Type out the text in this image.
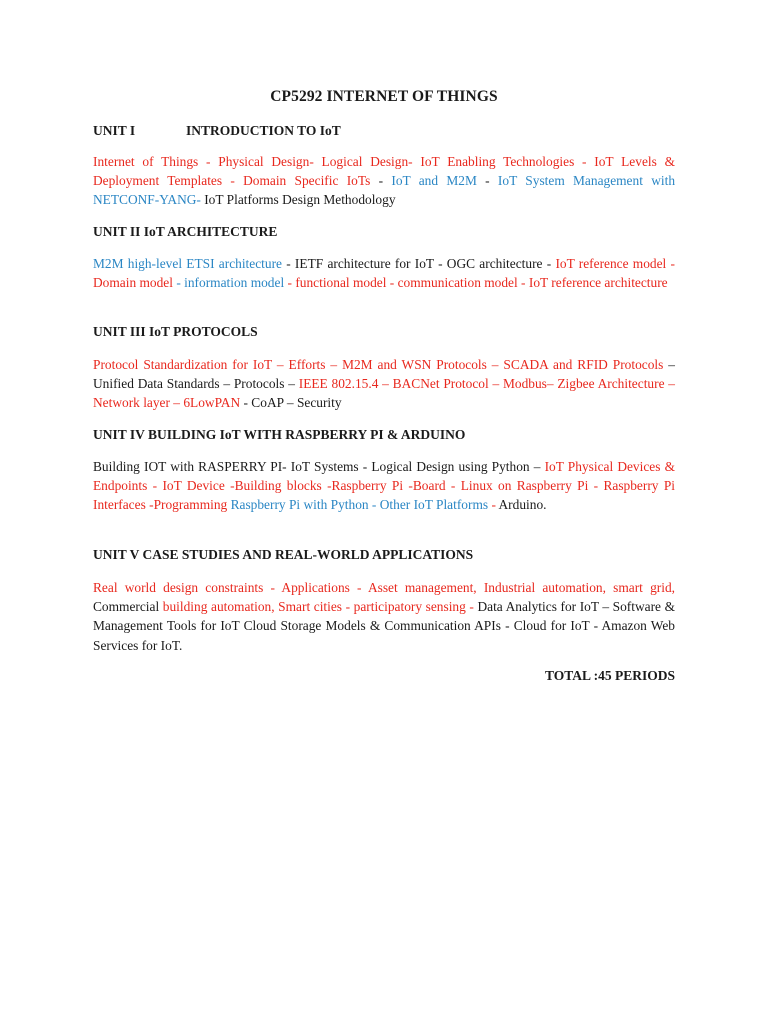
CP5292 INTERNET OF THINGS
UNIT I	INTRODUCTION TO IoT

Internet of Things - Physical Design- Logical Design- IoT Enabling Technologies - IoT Levels & Deployment Templates - Domain Specific IoTs - IoT and M2M - IoT System Management with NETCONF-YANG- IoT Platforms Design Methodology

UNIT II IoT ARCHITECTURE

M2M high-level ETSI architecture - IETF architecture for IoT - OGC architecture - IoT reference model - Domain model - information model - functional model - communication model - IoT reference architecture

UNIT III IoT PROTOCOLS

Protocol Standardization for IoT – Efforts – M2M and WSN Protocols – SCADA and RFID Protocols – Unified Data Standards – Protocols – IEEE 802.15.4 – BACNet Protocol – Modbus– Zigbee Architecture – Network layer – 6LowPAN - CoAP – Security

UNIT IV BUILDING IoT WITH RASPBERRY PI & ARDUINO

Building IOT with RASPERRY PI- IoT Systems - Logical Design using Python – IoT Physical Devices & Endpoints - IoT Device -Building blocks -Raspberry Pi -Board - Linux on Raspberry Pi - Raspberry Pi Interfaces -Programming Raspberry Pi with Python - Other IoT Platforms - Arduino.

UNIT V CASE STUDIES AND REAL-WORLD APPLICATIONS

Real world design constraints - Applications - Asset management, Industrial automation, smart grid, Commercial building automation, Smart cities - participatory sensing - Data Analytics for IoT – Software & Management Tools for IoT Cloud Storage Models & Communication APIs - Cloud for IoT - Amazon Web Services for IoT.

TOTAL :45 PERIODS
